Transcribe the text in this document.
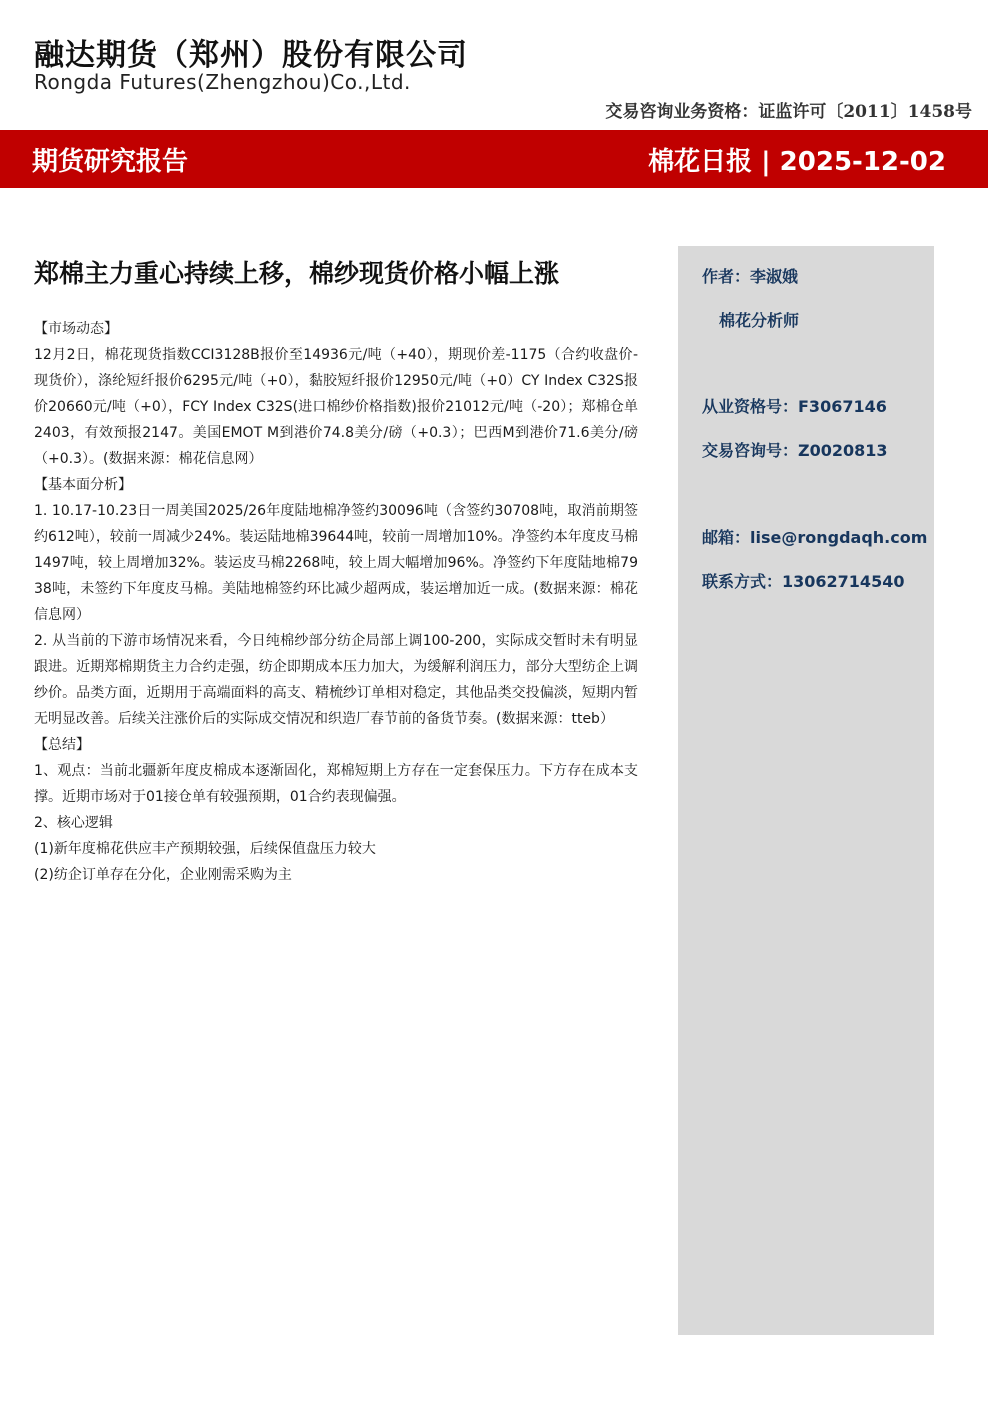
融达期货（郑州）股份有限公司
Rongda Futures(Zhengzhou)Co.,Ltd.
交易咨询业务资格：证监许可〔2011〕1458号
期货研究报告	棉花日报 | 2025-12-02
郑棉主力重心持续上移，棉纱现货价格小幅上涨

【市场动态】

12月2日，棉花现货指数CCI3128B报价至14936元/吨（+40），期现价差-1175（合约收盘价-现货价），涤纶短纤报价6295元/吨（+0），黏胶短纤报价12950元/吨（+0）CY Index C32S报价20660元/吨（+0），FCY Index C32S(进口棉纱价格指数)报价21012元/吨（-20）；郑棉仓单2403，有效预报2147。美国EMOT M到港价74.8美分/磅（+0.3）；巴西M到港价71.6美分/磅（+0.3）。(数据来源：棉花信息网）

【基本面分析】

1. 10.17-10.23日一周美国2025/26年度陆地棉净签约30096吨（含签约30708吨，取消前期签约612吨），较前一周减少24%。装运陆地棉39644吨，较前一周增加10%。净签约本年度皮马棉1497吨，较上周增加32%。装运皮马棉2268吨，较上周大幅增加96%。净签约下年度陆地棉7938吨，未签约下年度皮马棉。美陆地棉签约环比减少超两成，装运增加近一成。(数据来源：棉花信息网）

2. 从当前的下游市场情况来看，今日纯棉纱部分纺企局部上调100-200，实际成交暂时未有明显跟进。近期郑棉期货主力合约走强，纺企即期成本压力加大，为缓解利润压力，部分大型纺企上调纱价。品类方面，近期用于高端面料的高支、精梳纱订单相对稳定，其他品类交投偏淡，短期内暂无明显改善。后续关注涨价后的实际成交情况和织造厂春节前的备货节奏。(数据来源：tteb）

【总结】

1、观点：当前北疆新年度皮棉成本逐渐固化，郑棉短期上方存在一定套保压力。下方存在成本支撑。近期市场对于01接仓单有较强预期，01合约表现偏强。

2、核心逻辑

(1)新年度棉花供应丰产预期较强，后续保值盘压力较大

(2)纺企订单存在分化，企业刚需采购为主

作者：李淑娥
棉花分析师
从业资格号：F3067146
交易咨询号：Z0020813
邮箱：lise@rongdaqh.com
联系方式：13062714540
